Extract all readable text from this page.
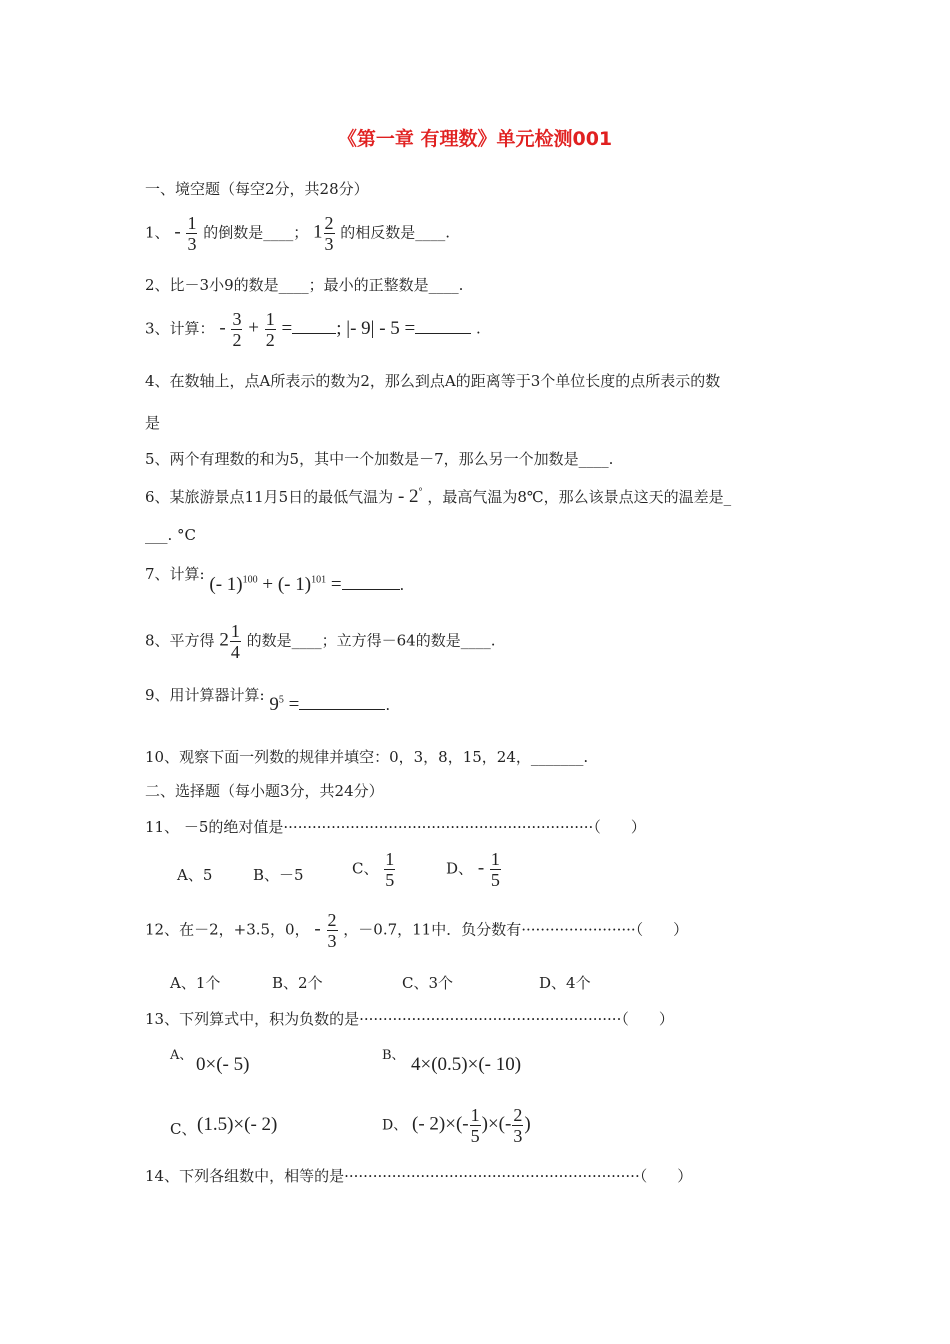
《第一章 有理数》单元检测001
一、境空题（每空2分，共28分）
1、 - $\frac{1}{3}$ 的倒数是____； $1 \frac{2}{3}$ 的相反数是____.
2、比－3小9的数是____；最小的正整数是____.
3、计算： - $\frac{3}{2} + \frac{1}{2}$ = ; |- 9| - 5 =	.
4、在数轴上，点A所表示的数为2，那么到点A的距离等于3个单位长度的点所表示的数
是
5、两个有理数的和为5，其中一个加数是－7，那么另一个加数是____.
6、某旅游景点11月5日的最低气温为 - 2° ，最高气温为8℃，那么该景点这天的温差是_
___. °C
7、计算: (- 1)$^{100}$ + (- 1)$^{101}$ =	.
8、平方得 $2 \frac{1}{4}$ 的数是____；立方得－64的数是____.
9、用计算器计算: $9^5$ =	.
10、观察下面一列数的规律并填空：0，3，8，15，24，_______.
二、选择题（每小题3分，共24分）
11、 －5的绝对值是·································································（　　）
A、5	B、－5	C、 $\frac{1}{5}$	D、 - $\frac{1}{5}$
12、在－2，+3.5，0， - $\frac{2}{3}$ ，－0.7，11中．负分数有························（　　）
A、1个	B、2个	C、3个	D、4个
13、下列算式中，积为负数的是·······················································（　　）
A、 0×(- 5)	B、 4×(0.5)×(- 10)
C、 (1.5)×(- 2)	D、 (- $2)\times(- \frac{1}{5}$ )×(- $\frac{2}{3}$ )
14、下列各组数中，相等的是······························································（　　）
